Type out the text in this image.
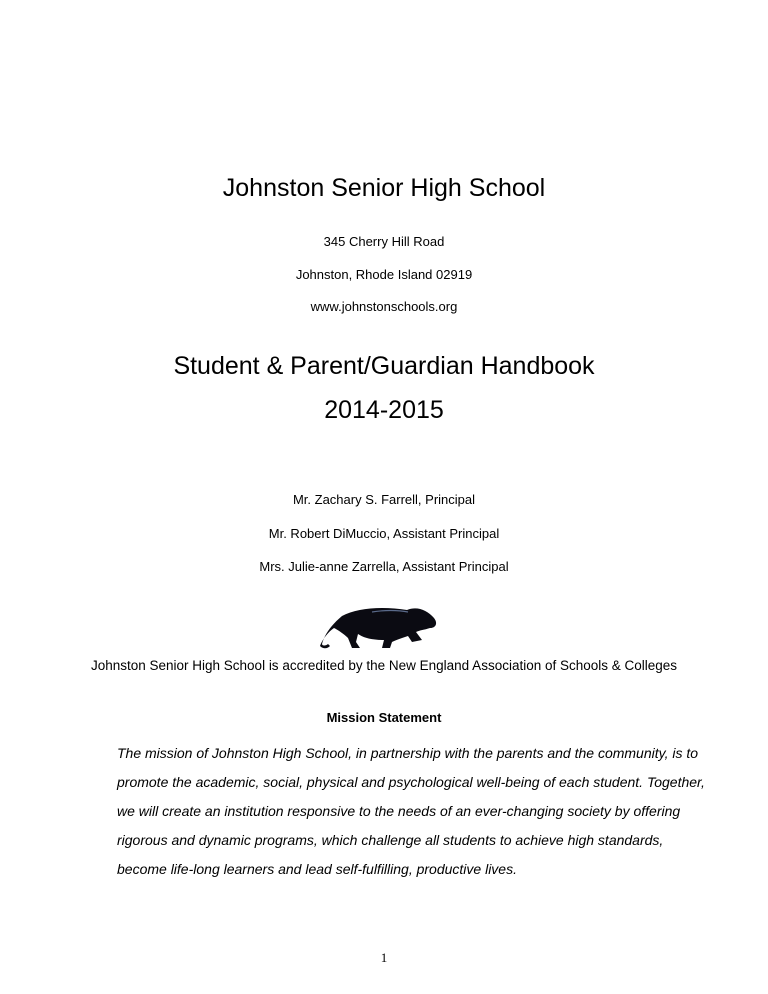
Johnston Senior High School
345 Cherry Hill Road
Johnston, Rhode Island 02919
www.johnstonschools.org
Student & Parent/Guardian Handbook
2014-2015
Mr. Zachary S. Farrell, Principal
Mr. Robert DiMuccio, Assistant Principal
Mrs. Julie-anne Zarrella, Assistant Principal
Johnston Senior High School is accredited by the New England Association of Schools & Colleges
Mission Statement
The mission of Johnston High School, in partnership with the parents and the community, is to
promote the academic, social, physical and psychological well-being of each student. Together,
we will create an institution responsive to the needs of an ever-changing society by offering
rigorous and dynamic programs, which challenge all students to achieve high standards,
become life-long learners and lead self-fulfilling, productive lives.
1
